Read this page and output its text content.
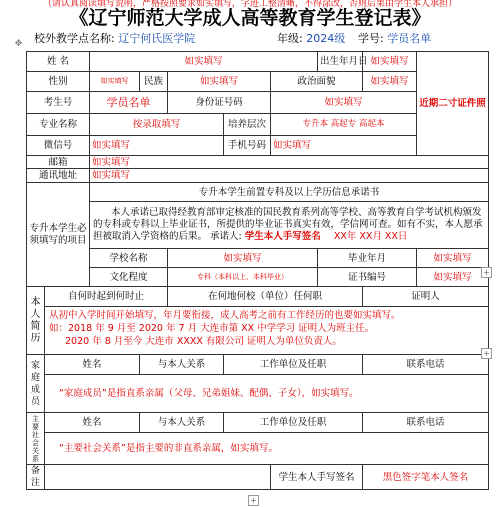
（请认真阅读填写说明，严格按照要求如实填写，字迹工整清晰，不得涂改，否则后果由学生本人承担）
《辽宁师范大学成人高等教育学生登记表》
✥ 校外教学点名称: 辽宁何氏医学院	年级: 2024级 学号: 学员名单
姓 名		如实填写					出生年月日	如实填写	近期二寸证件照
性别		如实填写	民族	如实填写		政治面貌		如实填写	
考生号		学员名单		身份证号码		如实填写			
专业名称		按录取填写			培养层次	专升本 高起专 高起本			
微信号		如实填写			手机号码	如实填写			
邮箱		如实填写							
通讯地址		如实填写							
专升本学生必须填写的项目		专升本学生前置专科及以上学历信息承诺书							
		本人承诺已取得经教育部审定核准的国民教育系列高等学校、高等教育自学考试机构颁发的专科或专科以上毕业证书，所提供的毕业证书真实有效，学信网可查。如有不实，本人愿承担被取消入学资格的后果。 承诺人: 学生本人手写签名 XX年 XX月 XX日							
		学校名称		如实填写			毕业年月		如实填写
		文化程度		专科（本科以上、本科毕业）			证书编号		如实填写
本人简历	自何时起到何时止			在何地何校（单位）任何职				证明人	

	从初中入学时间开始填写，年月要衔接，成人高考之前有工作经历的也要如实填写。
如：2018 年 9 月至 2020 年 7 月 大连市第 XX 中学学习 证明人为班主任。
2020 年 8 月至今 大连市 XXXX 有限公司 证明人为单位负责人。								

家庭成员	姓名		与本人关系		工作单位及任职			联系电话	
	“家庭成员”是指直系亲属（父母、兄弟姐妹、配偶、子女），如实填写。								
主要社会关系	姓名		与本人关系		工作单位及任职			联系电话	
	“主要社会关系”是指主要的非直系亲属，如实填写。								
备注						学生本人手写签名		黑色签字笔本人签名	
+
+
+
